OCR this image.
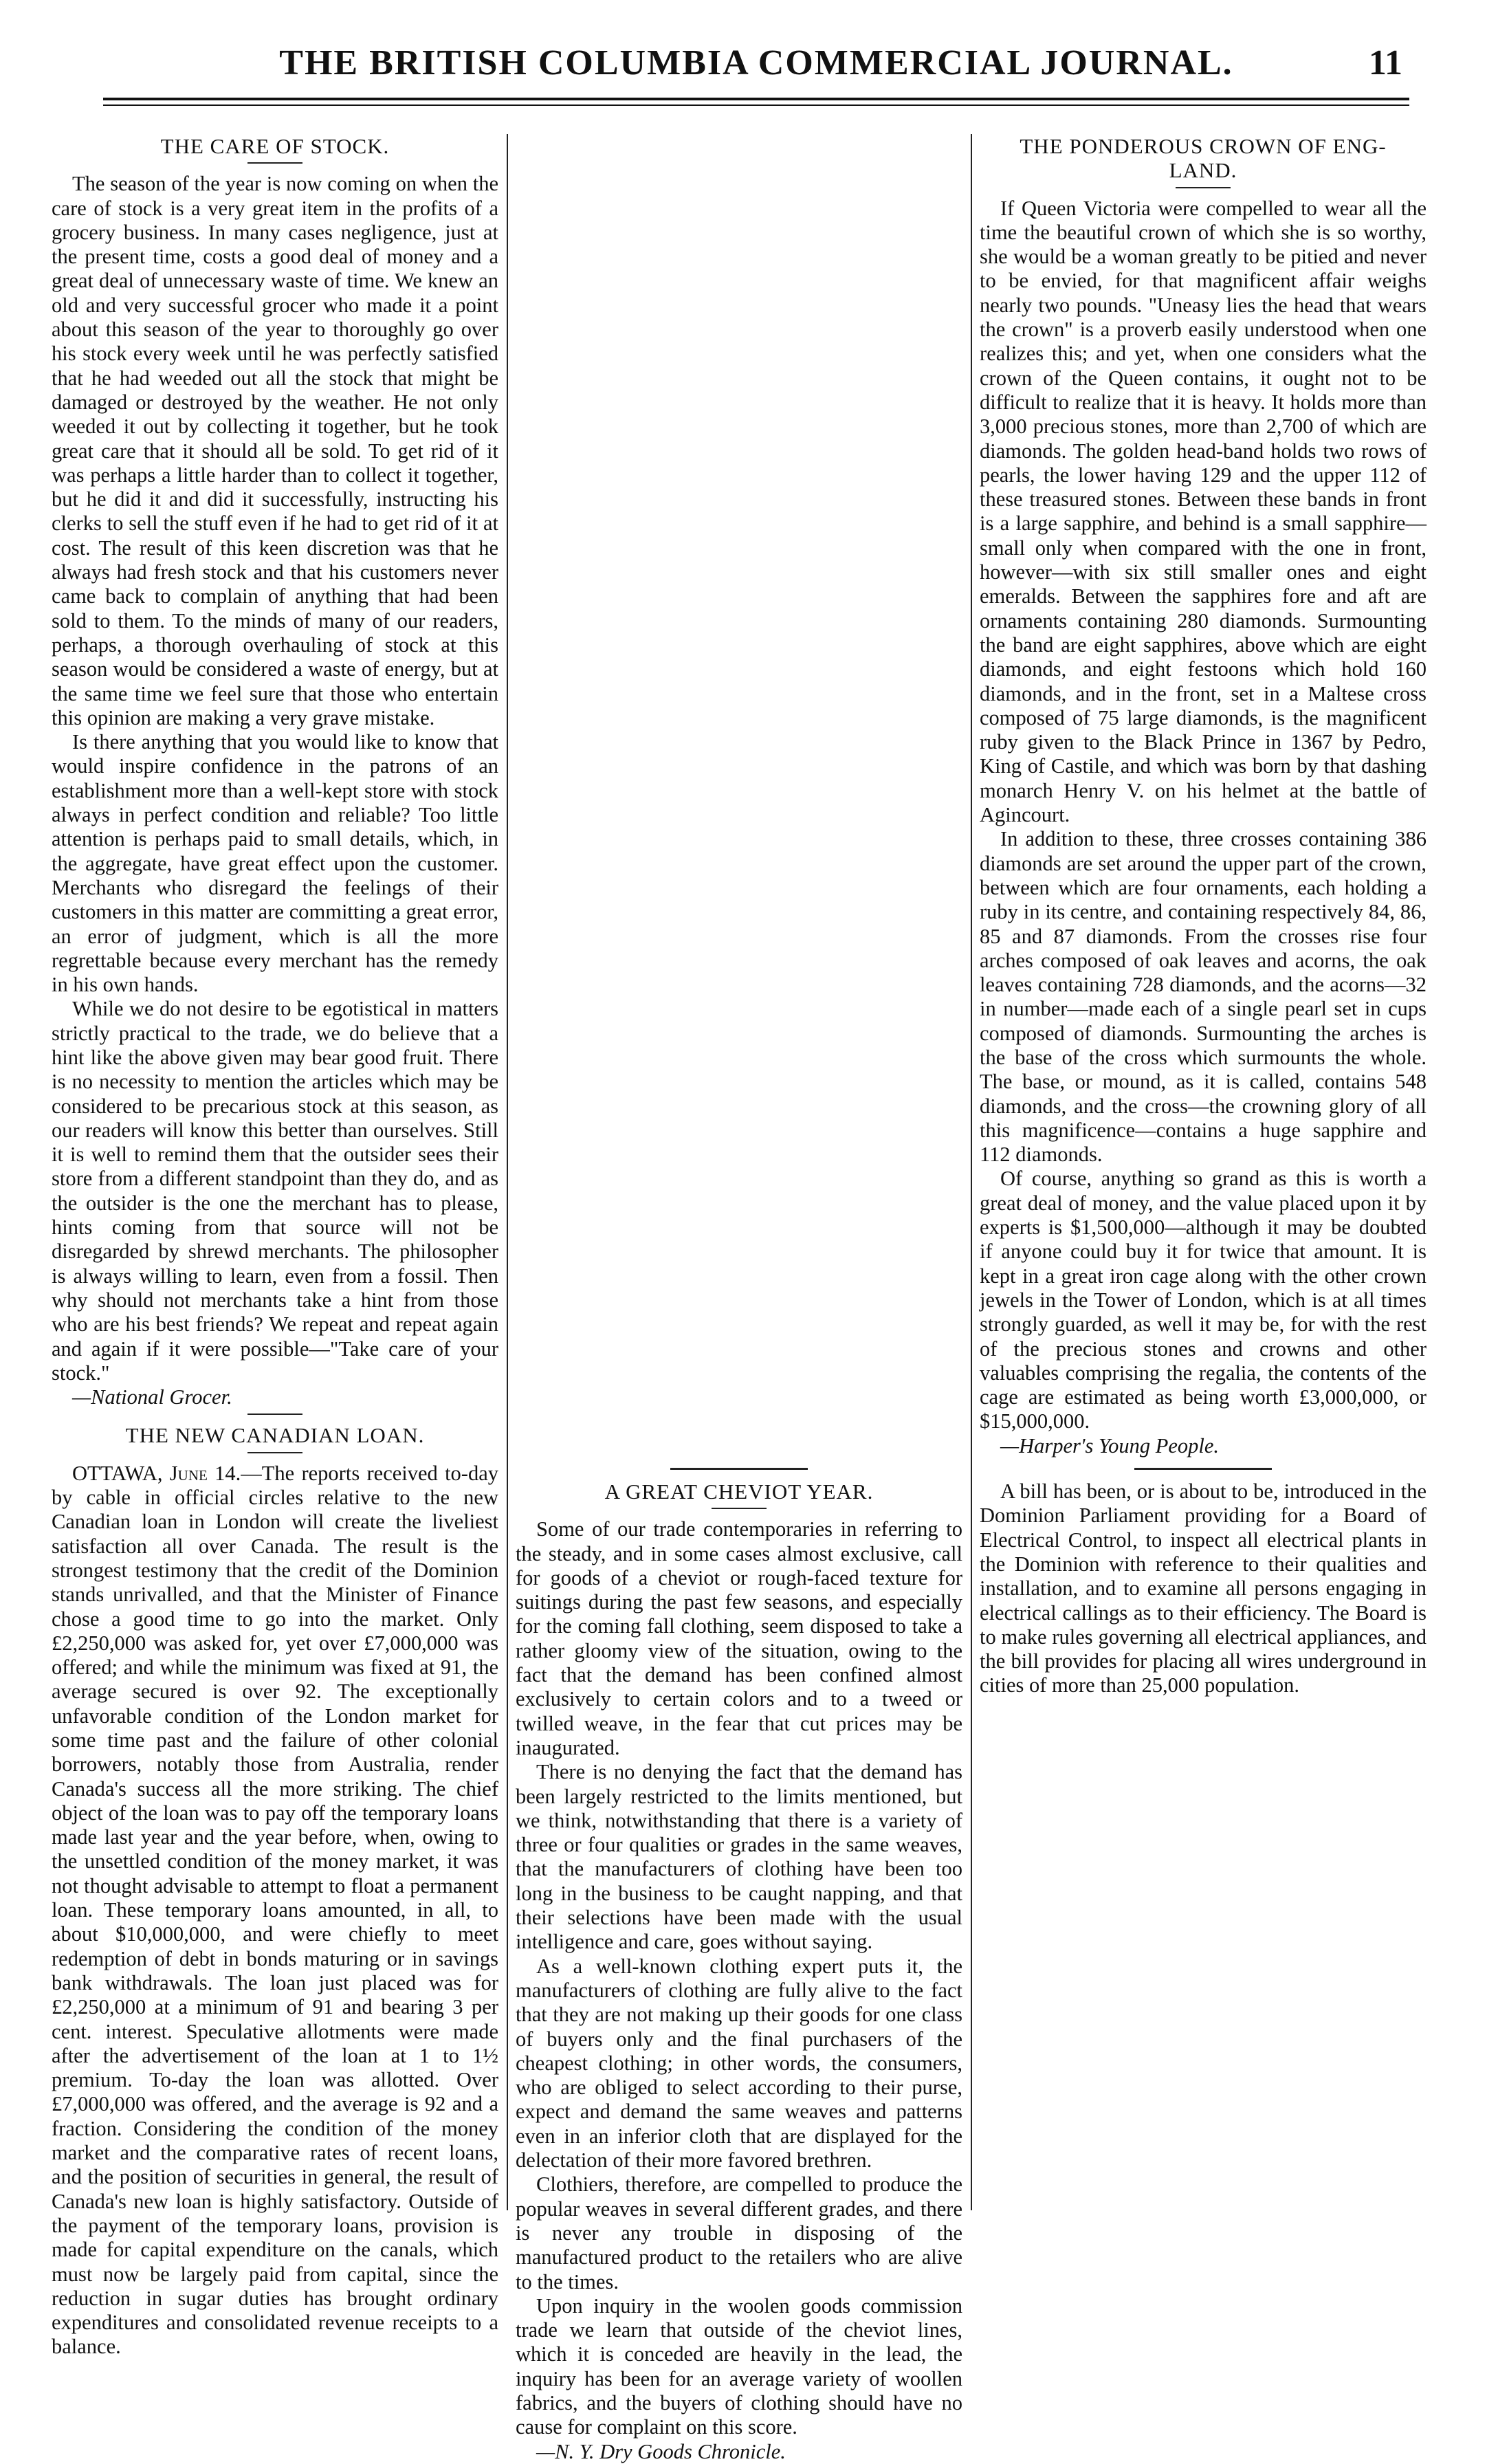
THE BRITISH COLUMBIA COMMERCIAL JOURNAL.	11
THE CARE OF STOCK.

The season of the year is now coming on when the care of stock is a very great item in the profits of a grocery business. In many cases negligence, just at the present time, costs a good deal of money and a great deal of unnecessary waste of time. We knew an old and very successful grocer who made it a point about this season of the year to thoroughly go over his stock every week until he was perfectly satisfied that he had weeded out all the stock that might be damaged or destroyed by the weather. He not only weeded it out by collecting it together, but he took great care that it should all be sold. To get rid of it was perhaps a little harder than to collect it together, but he did it and did it successfully, instructing his clerks to sell the stuff even if he had to get rid of it at cost. The result of this keen discretion was that he always had fresh stock and that his customers never came back to complain of anything that had been sold to them. To the minds of many of our readers, perhaps, a thorough overhauling of stock at this season would be considered a waste of energy, but at the same time we feel sure that those who entertain this opinion are making a very grave mistake.

Is there anything that you would like to know that would inspire confidence in the patrons of an establishment more than a well-kept store with stock always in perfect condition and reliable? Too little attention is perhaps paid to small details, which, in the aggregate, have great effect upon the customer. Merchants who disregard the feelings of their customers in this matter are committing a great error, an error of judgment, which is all the more regrettable because every merchant has the remedy in his own hands.

While we do not desire to be egotistical in matters strictly practical to the trade, we do believe that a hint like the above given may bear good fruit. There is no necessity to mention the articles which may be considered to be precarious stock at this season, as our readers will know this better than ourselves. Still it is well to remind them that the outsider sees their store from a different standpoint than they do, and as the outsider is the one the merchant has to please, hints coming from that source will not be disregarded by shrewd merchants. The philosopher is always willing to learn, even from a fossil. Then why should not merchants take a hint from those who are his best friends? We repeat and repeat again and again if it were possible—"Take care of your stock."

—National Grocer.

THE NEW CANADIAN LOAN.

OTTAWA, June 14.—The reports received to-day by cable in official circles relative to the new Canadian loan in London will create the liveliest satisfaction all over Canada. The result is the strongest testimony that the credit of the Dominion stands unrivalled, and that the Minister of Finance chose a good time to go into the market. Only £2,250,000 was asked for, yet over £7,000,000 was offered; and while the minimum was fixed at 91, the average secured is over 92. The exceptionally unfavorable condition of the London market for some time past and the failure of other colonial borrowers, notably those from Australia, render Canada's success all the more striking. The chief object of the loan was to pay off the temporary loans made last year and the year before, when, owing to the unsettled condition of the money market, it was not thought advisable to attempt to float a permanent loan. These temporary loans amounted, in all, to about $10,000,000, and were chiefly to meet redemption of debt in bonds maturing or in savings bank withdrawals. The loan just placed was for £2,250,000 at a minimum of 91 and bearing 3 per cent. interest. Speculative allotments were made after the advertisement of the loan at 1 to 1½ premium. To-day the loan was allotted. Over £7,000,000 was offered, and the average is 92 and a fraction. Considering the condition of the money market and the comparative rates of recent loans, and the position of securities in general, the result of Canada's new loan is highly satisfactory. Outside of the payment of the temporary loans, provision is made for capital expenditure on the canals, which must now be largely paid from capital, since the reduction in sugar duties has brought ordinary expenditures and consolidated revenue receipts to a balance.

A GREAT CHEVIOT YEAR.

Some of our trade contemporaries in referring to the steady, and in some cases almost exclusive, call for goods of a cheviot or rough-faced texture for suitings during the past few seasons, and especially for the coming fall clothing, seem disposed to take a rather gloomy view of the situation, owing to the fact that the demand has been confined almost exclusively to certain colors and to a tweed or twilled weave, in the fear that cut prices may be inaugurated.

There is no denying the fact that the demand has been largely restricted to the limits mentioned, but we think, notwithstanding that there is a variety of three or four qualities or grades in the same weaves, that the manufacturers of clothing have been too long in the business to be caught napping, and that their selections have been made with the usual intelligence and care, goes without saying.

As a well-known clothing expert puts it, the manufacturers of clothing are fully alive to the fact that they are not making up their goods for one class of buyers only and the final purchasers of the cheapest clothing; in other words, the consumers, who are obliged to select according to their purse, expect and demand the same weaves and patterns even in an inferior cloth that are displayed for the delectation of their more favored brethren.

Clothiers, therefore, are compelled to produce the popular weaves in several different grades, and there is never any trouble in disposing of the manufactured product to the retailers who are alive to the times.

Upon inquiry in the woolen goods commission trade we learn that outside of the cheviot lines, which it is conceded are heavily in the lead, the inquiry has been for an average variety of woollen fabrics, and the buyers of clothing should have no cause for complaint on this score.

—N. Y. Dry Goods Chronicle.

THE PONDEROUS CROWN OF ENG-
LAND.

If Queen Victoria were compelled to wear all the time the beautiful crown of which she is so worthy, she would be a woman greatly to be pitied and never to be envied, for that magnificent affair weighs nearly two pounds. "Uneasy lies the head that wears the crown" is a proverb easily understood when one realizes this; and yet, when one considers what the crown of the Queen contains, it ought not to be difficult to realize that it is heavy. It holds more than 3,000 precious stones, more than 2,700 of which are diamonds. The golden head-band holds two rows of pearls, the lower having 129 and the upper 112 of these treasured stones. Between these bands in front is a large sapphire, and behind is a small sapphire—small only when compared with the one in front, however—with six still smaller ones and eight emeralds. Between the sapphires fore and aft are ornaments containing 280 diamonds. Surmounting the band are eight sapphires, above which are eight diamonds, and eight festoons which hold 160 diamonds, and in the front, set in a Maltese cross composed of 75 large diamonds, is the magnificent ruby given to the Black Prince in 1367 by Pedro, King of Castile, and which was born by that dashing monarch Henry V. on his helmet at the battle of Agincourt.

In addition to these, three crosses containing 386 diamonds are set around the upper part of the crown, between which are four ornaments, each holding a ruby in its centre, and containing respectively 84, 86, 85 and 87 diamonds. From the crosses rise four arches composed of oak leaves and acorns, the oak leaves containing 728 diamonds, and the acorns—32 in number—made each of a single pearl set in cups composed of diamonds. Surmounting the arches is the base of the cross which surmounts the whole. The base, or mound, as it is called, contains 548 diamonds, and the cross—the crowning glory of all this magnificence—contains a huge sapphire and 112 diamonds.

Of course, anything so grand as this is worth a great deal of money, and the value placed upon it by experts is $1,500,000—although it may be doubted if anyone could buy it for twice that amount. It is kept in a great iron cage along with the other crown jewels in the Tower of London, which is at all times strongly guarded, as well it may be, for with the rest of the precious stones and crowns and other valuables comprising the regalia, the contents of the cage are estimated as being worth £3,000,000, or $15,000,000.

—Harper's Young People.

A bill has been, or is about to be, introduced in the Dominion Parliament providing for a Board of Electrical Control, to inspect all electrical plants in the Dominion with reference to their qualities and installation, and to examine all persons engaging in electrical callings as to their efficiency. The Board is to make rules governing all electrical appliances, and the bill provides for placing all wires underground in cities of more than 25,000 population.
